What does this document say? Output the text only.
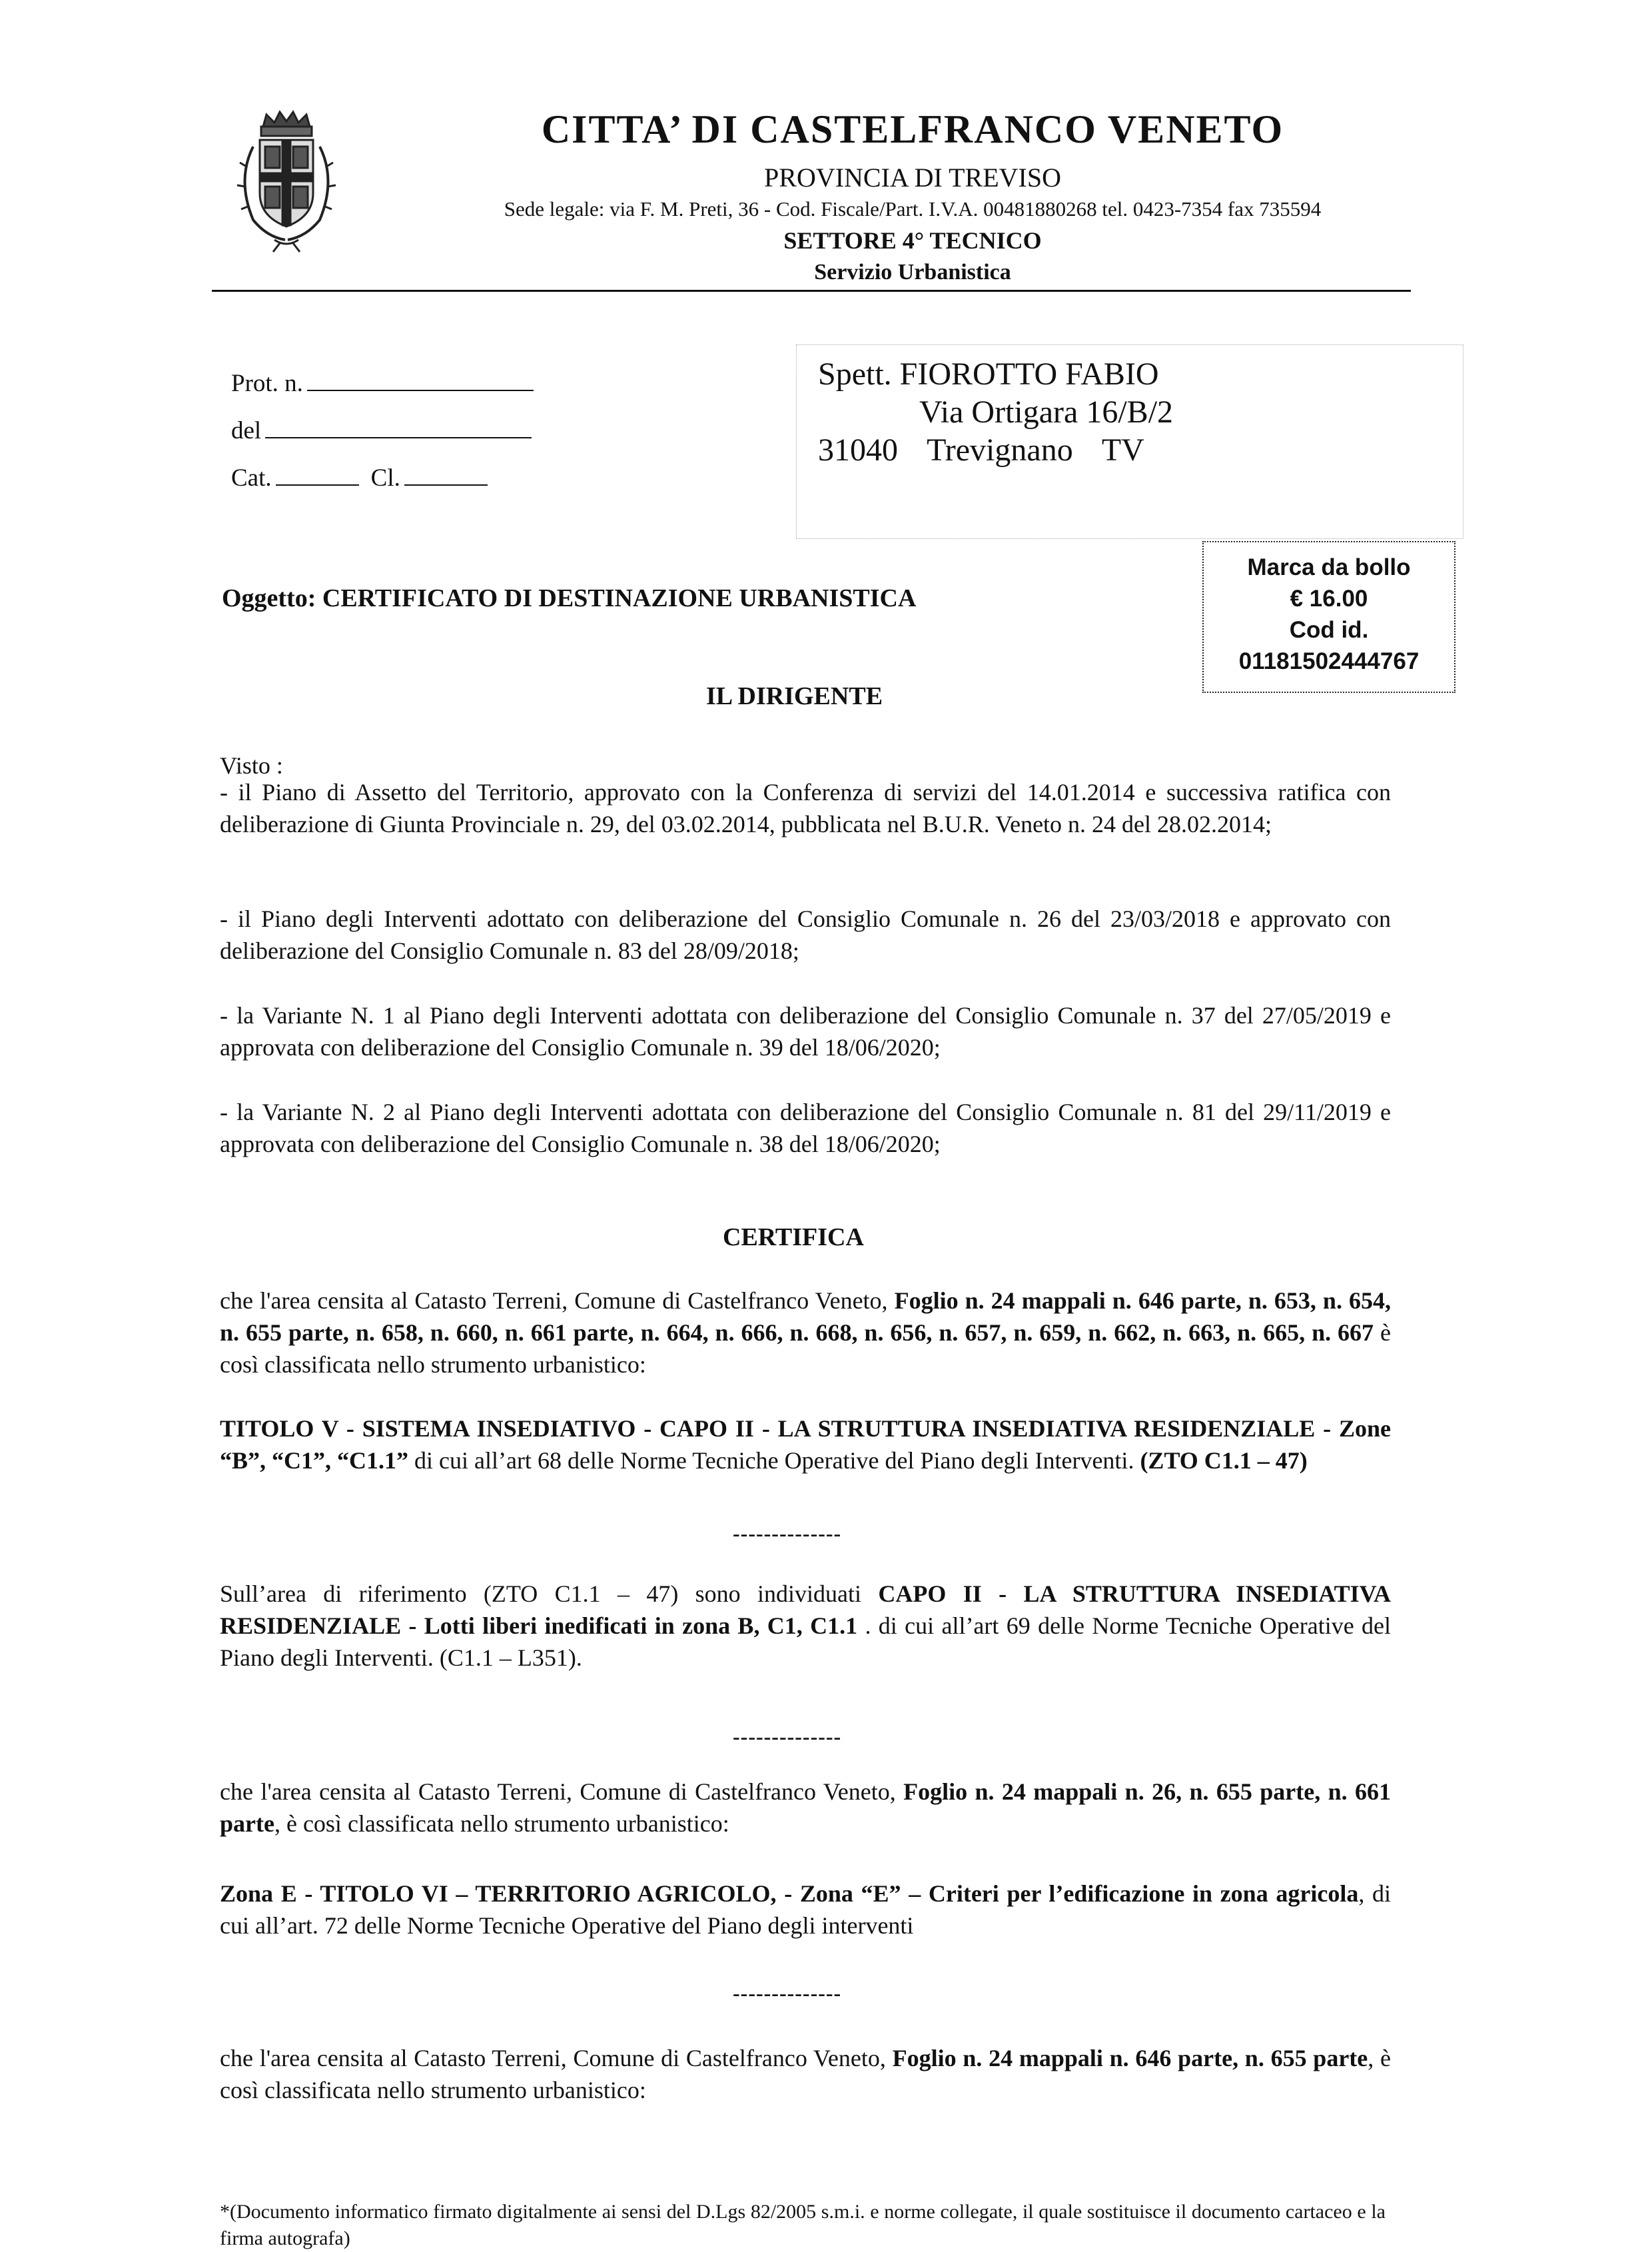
CITTA’ DI CASTELFRANCO VENETO
PROVINCIA DI TREVISO
Sede legale: via F. M. Preti, 36 - Cod. Fiscale/Part. I.V.A. 00481880268 tel. 0423-7354 fax 735594
SETTORE 4° TECNICO
Servizio Urbanistica
Prot. n.
del
Cat.	Cl.
Spett. FIOROTTO FABIO
Via Ortigara 16/B/2
31040 Trevignano TV
Marca da bollo
€ 16.00
Cod id.
01181502444767
Oggetto: CERTIFICATO DI DESTINAZIONE URBANISTICA
IL DIRIGENTE
Visto :
- il Piano di Assetto del Territorio, approvato con la Conferenza di servizi del 14.01.2014 e successiva ratifica con deliberazione di Giunta Provinciale n. 29, del 03.02.2014, pubblicata nel B.U.R. Veneto n. 24 del 28.02.2014;
- il Piano degli Interventi adottato con deliberazione del Consiglio Comunale n. 26 del 23/03/2018 e approvato con deliberazione del Consiglio Comunale n. 83 del 28/09/2018;
- la Variante N. 1 al Piano degli Interventi adottata con deliberazione del Consiglio Comunale n. 37 del 27/05/2019 e approvata con deliberazione del Consiglio Comunale n. 39 del 18/06/2020;
- la Variante N. 2 al Piano degli Interventi adottata con deliberazione del Consiglio Comunale n. 81 del 29/11/2019 e approvata con deliberazione del Consiglio Comunale n. 38 del 18/06/2020;
CERTIFICA
che l'area censita al Catasto Terreni, Comune di Castelfranco Veneto, Foglio n. 24 mappali n. 646 parte, n. 653, n. 654, n. 655 parte, n. 658, n. 660, n. 661 parte, n. 664, n. 666, n. 668, n. 656, n. 657, n. 659, n. 662, n. 663, n. 665, n. 667 è così classificata nello strumento urbanistico:
TITOLO V - SISTEMA INSEDIATIVO - CAPO II - LA STRUTTURA INSEDIATIVA RESIDENZIALE - Zone “B”, “C1”, “C1.1” di cui all’art 68 delle Norme Tecniche Operative del Piano degli Interventi. (ZTO C1.1 – 47)
--------------
Sull’area di riferimento (ZTO C1.1 – 47) sono individuati CAPO II - LA STRUTTURA INSEDIATIVA RESIDENZIALE - Lotti liberi inedificati in zona B, C1, C1.1 . di cui all’art 69 delle Norme Tecniche Operative del Piano degli Interventi. (C1.1 – L351).
--------------
che l'area censita al Catasto Terreni, Comune di Castelfranco Veneto, Foglio n. 24 mappali n. 26, n. 655 parte, n. 661 parte, è così classificata nello strumento urbanistico:
Zona E - TITOLO VI – TERRITORIO AGRICOLO, - Zona “E” – Criteri per l’edificazione in zona agricola, di cui all’art. 72 delle Norme Tecniche Operative del Piano degli interventi
--------------
che l'area censita al Catasto Terreni, Comune di Castelfranco Veneto, Foglio n. 24 mappali n. 646 parte, n. 655 parte, è così classificata nello strumento urbanistico:
*(Documento informatico firmato digitalmente ai sensi del D.Lgs 82/2005 s.m.i. e norme collegate, il quale sostituisce il documento cartaceo e la firma autografa)
